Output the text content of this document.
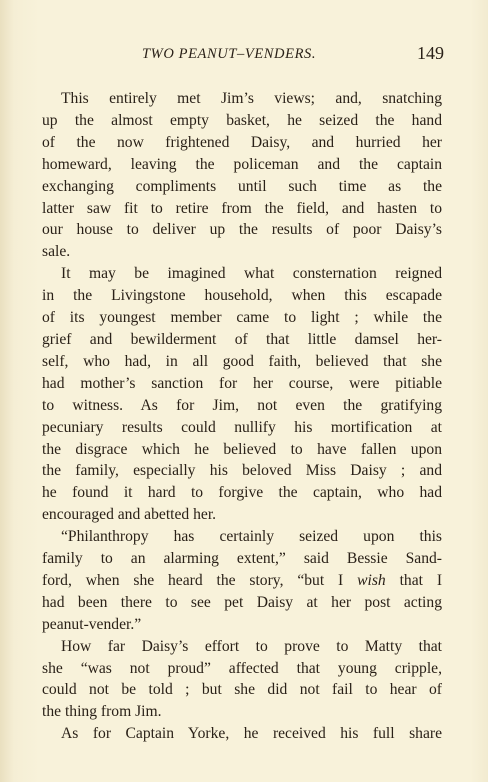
TWO PEANUT–VENDERS.	149
This entirely met Jim’s views; and, snatching
up the almost empty basket, he seized the hand
of the now frightened Daisy, and hurried her
homeward, leaving the policeman and the captain
exchanging compliments until such time as the
latter saw fit to retire from the field, and hasten to
our house to deliver up the results of poor Daisy’s
sale.
It may be imagined what consternation reigned
in the Livingstone household, when this escapade
of its youngest member came to light ; while the
grief and bewilderment of that little damsel her-
self, who had, in all good faith, believed that she
had mother’s sanction for her course, were pitiable
to witness. As for Jim, not even the gratifying
pecuniary results could nullify his mortification at
the disgrace which he believed to have fallen upon
the family, especially his beloved Miss Daisy ; and
he found it hard to forgive the captain, who had
encouraged and abetted her.
“Philanthropy has certainly seized upon this
family to an alarming extent,” said Bessie Sand-
ford, when she heard the story, “but I wish that I
had been there to see pet Daisy at her post acting
peanut-vender.”
How far Daisy’s effort to prove to Matty that
she “was not proud” affected that young cripple,
could not be told ; but she did not fail to hear of
the thing from Jim.
As for Captain Yorke, he received his full share
